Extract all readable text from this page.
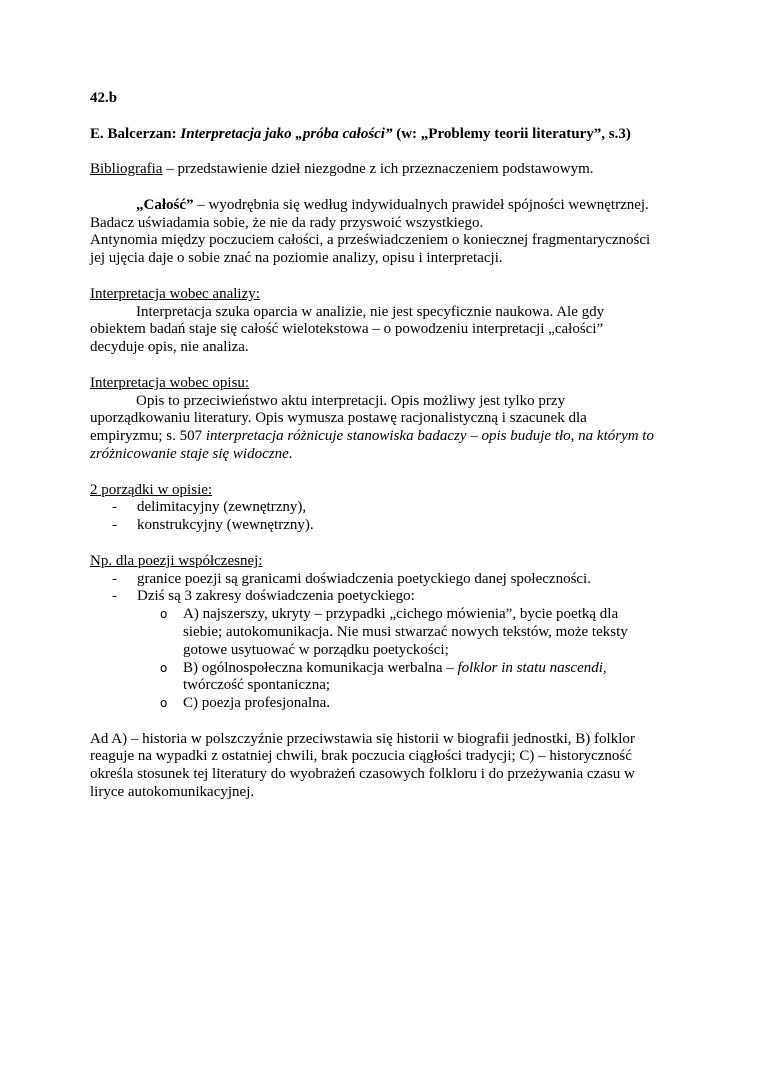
42.b
E. Balcerzan: Interpretacja jako „próba całości” (w: „Problemy teorii literatury”, s.3)
Bibliografia – przedstawienie dzieł niezgodne z ich przeznaczeniem podstawowym.
„Całość” – wyodrębnia się według indywidualnych prawideł spójności wewnętrznej.
Badacz uświadamia sobie, że nie da rady przyswoić wszystkiego.
Antynomia między poczuciem całości, a przeświadczeniem o koniecznej fragmentaryczności
jej ujęcia daje o sobie znać na poziomie analizy, opisu i interpretacji.
Interpretacja wobec analizy:
Interpretacja szuka oparcia w analizie, nie jest specyficznie naukowa. Ale gdy
obiektem badań staje się całość wielotekstowa – o powodzeniu interpretacji „całości”
decyduje opis, nie analiza.
Interpretacja wobec opisu:
Opis to przeciwieństwo aktu interpretacji. Opis możliwy jest tylko przy
uporządkowaniu literatury. Opis wymusza postawę racjonalistyczną i szacunek dla
empiryzmu; s. 507 interpretacja różnicuje stanowiska badaczy – opis buduje tło, na którym to
zróżnicowanie staje się widoczne.
2 porządki w opisie:
- delimitacyjny (zewnętrzny),
- konstrukcyjny (wewnętrzny).
Np. dla poezji współczesnej:
- granice poezji są granicami doświadczenia poetyckiego danej społeczności.
- Dziś są 3 zakresy doświadczenia poetyckiego:
o A) najszerszy, ukryty – przypadki „cichego mówienia”, bycie poetką dla
siebie; autokomunikacja. Nie musi stwarzać nowych tekstów, może teksty
gotowe usytuować w porządku poetyckości;
o B) ogólnospołeczna komunikacja werbalna – folklor in statu nascendi,
twórczość spontaniczna;
o C) poezja profesjonalna.
Ad A) – historia w polszczyźnie przeciwstawia się historii w biografii jednostki, B) folklor
reaguje na wypadki z ostatniej chwili, brak poczucia ciągłości tradycji; C) – historyczność
określa stosunek tej literatury do wyobrażeń czasowych folkloru i do przeżywania czasu w
liryce autokomunikacyjnej.
